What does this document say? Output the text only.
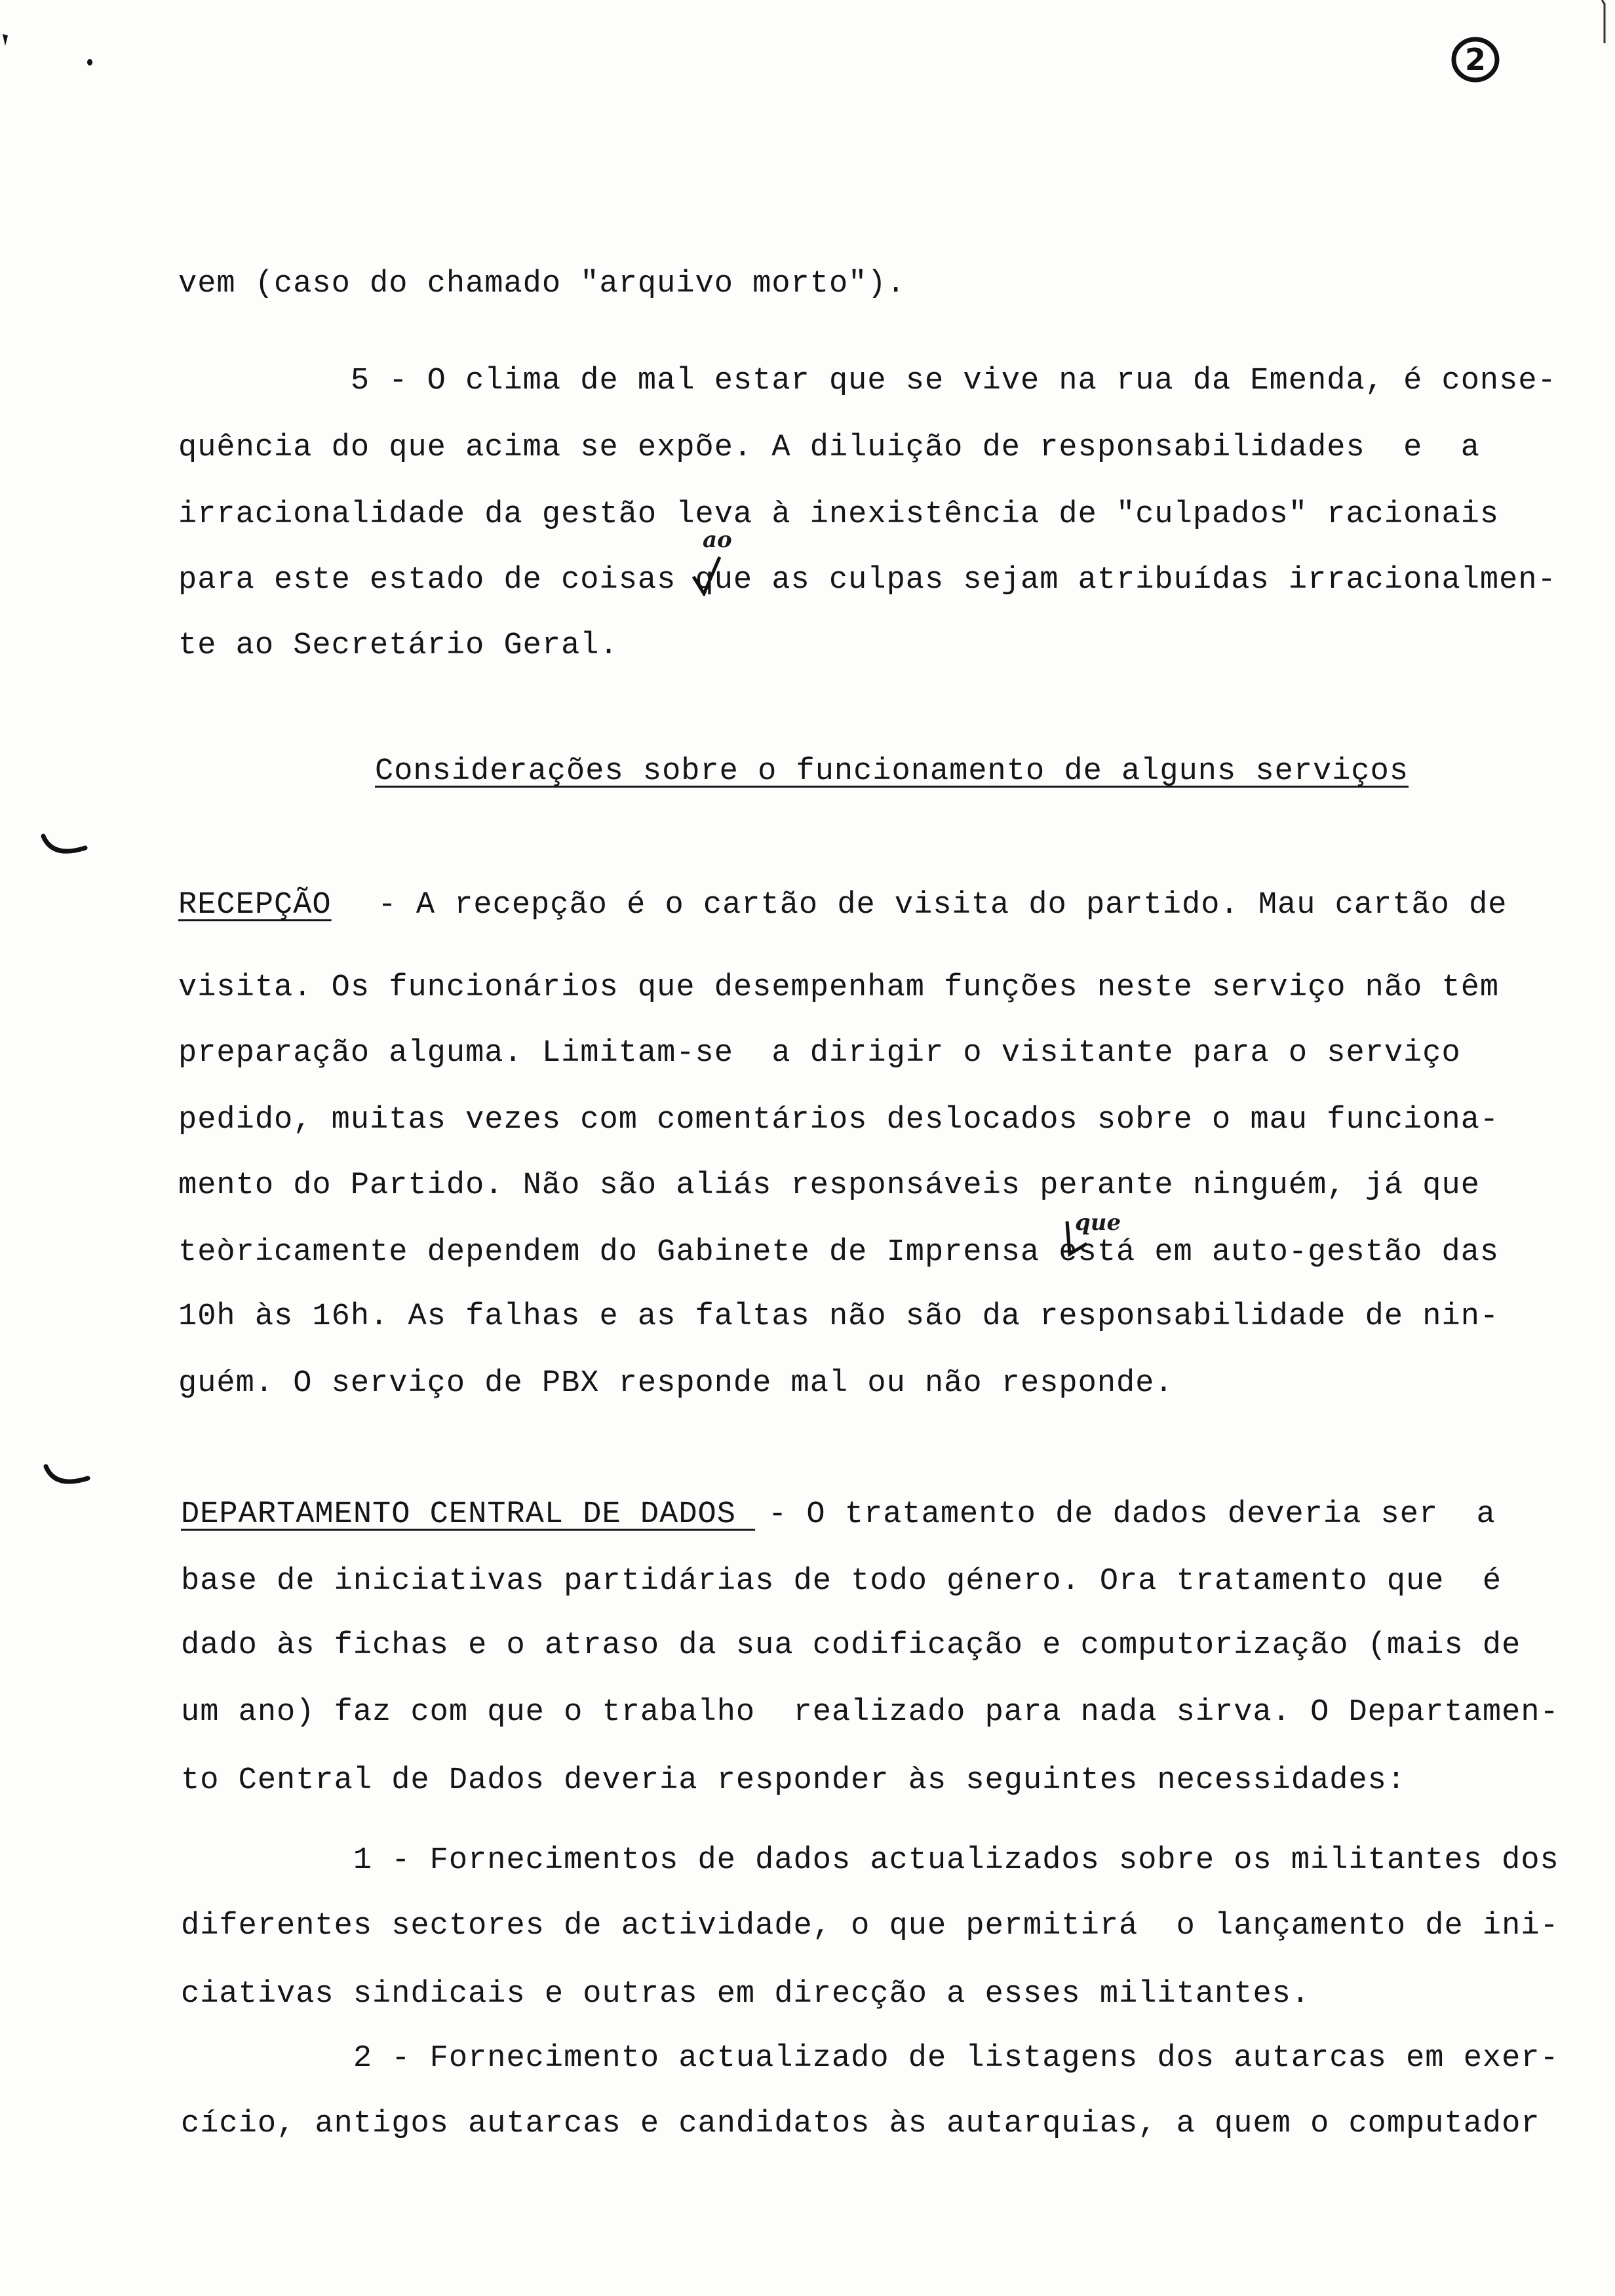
2
vem (caso do chamado "arquivo morto").
5 - O clima de mal estar que se vive na rua da Emenda, é conse-
quência do que acima se expõe. A diluição de responsabilidades  e  a
irracionalidade da gestão leva à inexistência de "culpados" racionais
para este estado de coisas que as culpas sejam atribuídas irracionalmen-
te ao Secretário Geral.
ao
Considerações sobre o funcionamento de alguns serviços
RECEPÇÃO - A recepção é o cartão de visita do partido. Mau cartão de
visita. Os funcionários que desempenham funções neste serviço não têm
preparação alguma. Limitam-se  a dirigir o visitante para o serviço
pedido, muitas vezes com comentários deslocados sobre o mau funciona-
mento do Partido. Não são aliás responsáveis perante ninguém, já que
teòricamente dependem do Gabinete de Imprensa está em auto-gestão das
10h às 16h. As falhas e as faltas não são da responsabilidade de nin-
guém. O serviço de PBX responde mal ou não responde.
que
DEPARTAMENTO CENTRAL DE DADOS - O tratamento de dados deveria ser  a
base de iniciativas partidárias de todo género. Ora tratamento que  é
dado às fichas e o atraso da sua codificação e computorização (mais de
um ano) faz com que o trabalho  realizado para nada sirva. O Departamen-
to Central de Dados deveria responder às seguintes necessidades:
1 - Fornecimentos de dados actualizados sobre os militantes dos
diferentes sectores de actividade, o que permitirá  o lançamento de ini-
ciativas sindicais e outras em direcção a esses militantes.
2 - Fornecimento actualizado de listagens dos autarcas em exer-
cício, antigos autarcas e candidatos às autarquias, a quem o computador
